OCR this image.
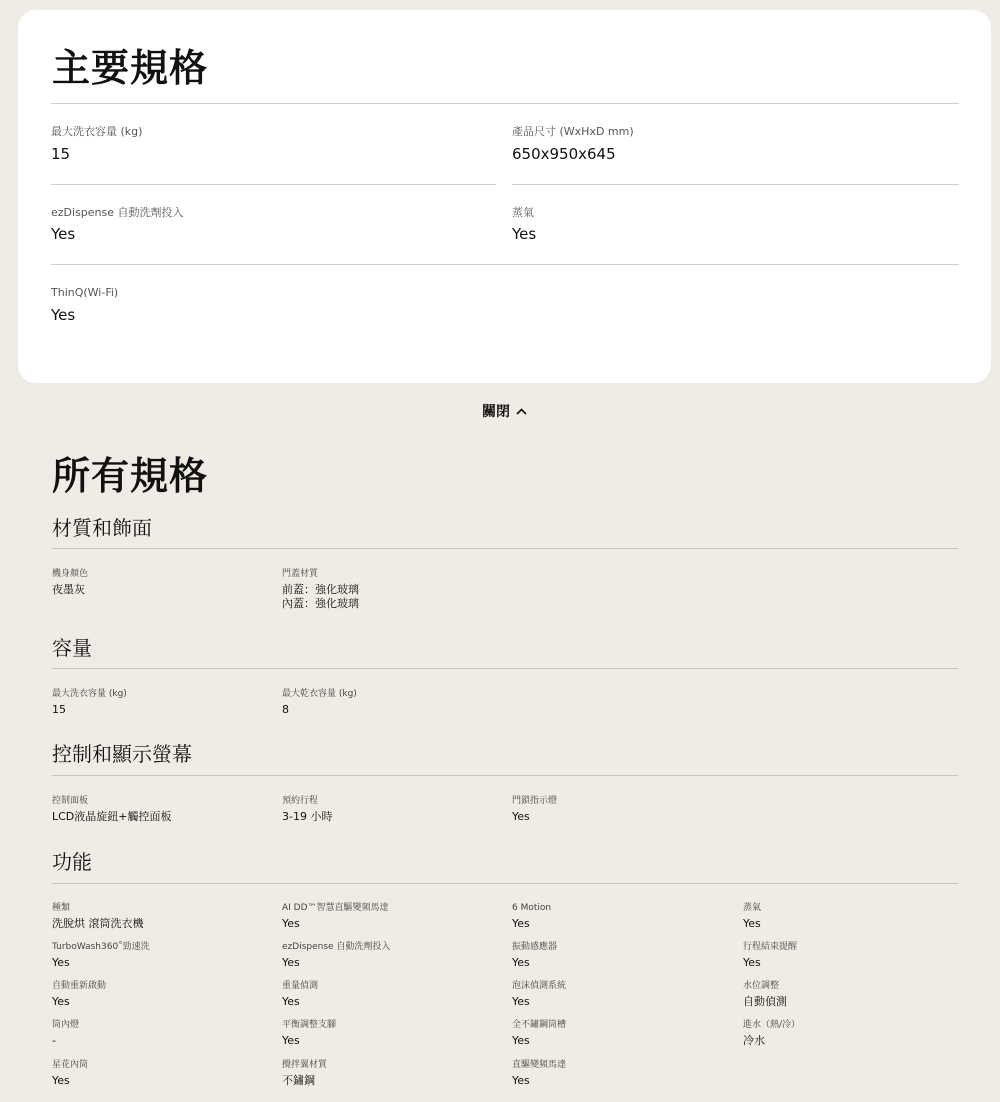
主要規格
最大洗衣容量 (kg)
15
產品尺寸 (WxHxD mm)
650x950x645
ezDispense 自動洗劑投入
Yes
蒸氣
Yes
ThinQ(Wi-Fi)
Yes
關閉
所有規格
材質和飾面
機身顏色
夜墨灰
門蓋材質
前蓋：強化玻璃
內蓋：強化玻璃
容量
最大洗衣容量 (kg)
15
最大乾衣容量 (kg)
8
控制和顯示螢幕
控制面板
LCD液晶旋鈕+觸控面板
預約行程
3-19 小時
門鎖指示燈
Yes
功能
種類
洗脫烘 滾筒洗衣機
AI DD™智慧直驅變頻馬達
Yes
6 Motion
Yes
蒸氣
Yes
TurboWash360˚勁速洗
Yes
ezDispense 自動洗劑投入
Yes
振動感應器
Yes
行程結束提醒
Yes
自動重新啟動
Yes
重量偵測
Yes
泡沫偵測系統
Yes
水位調整
自動偵測
筒內燈
-
平衡調整支腳
Yes
全不鏽鋼筒槽
Yes
進水（熱/冷）
冷水
星花內筒
Yes
攪拌翼材質
不鏽鋼
直驅變頻馬達
Yes
